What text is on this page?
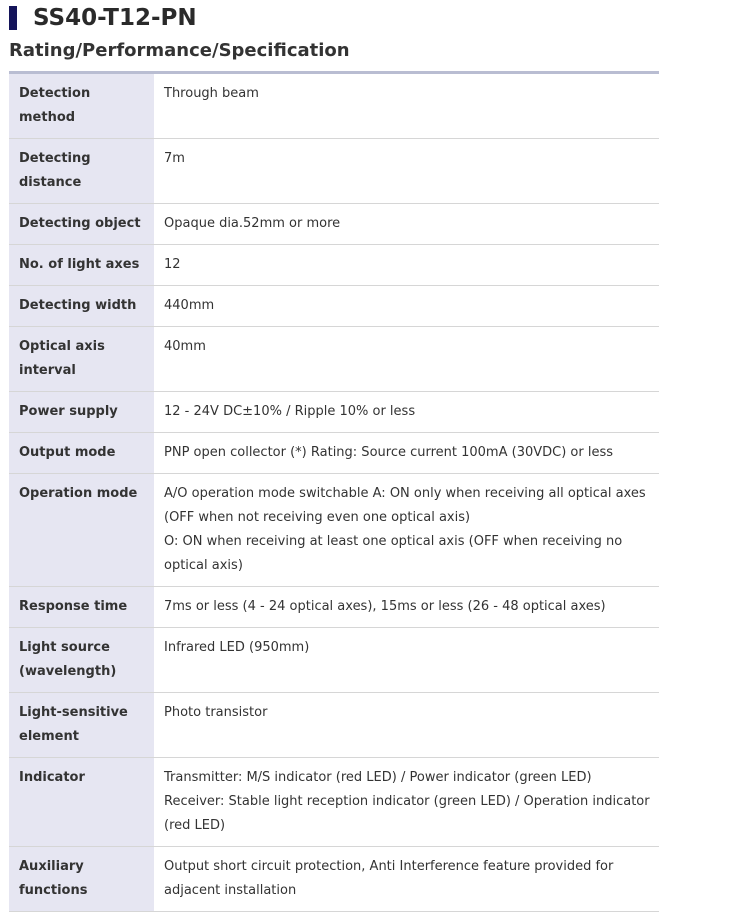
SS40-T12-PN
Rating/Performance/Specification
Detection method	Through beam

Detecting
distance	7m

Detecting object	Opaque dia.52mm or more

No. of light axes	12

Detecting width	440mm

Optical axis
interval	40mm

Power supply	12 - 24V DC±10% / Ripple 10% or less

Output mode	PNP open collector (*) Rating: Source current 100mA (30VDC) or less

Operation mode	A/O operation mode switchable A: ON only when receiving all optical axes
(OFF when not receiving even one optical axis)
O: ON when receiving at least one optical axis (OFF when receiving no
optical axis)

Response time	7ms or less (4 - 24 optical axes), 15ms or less (26 - 48 optical axes)

Light source
(wavelength)	Infrared LED (950mm)

Light-sensitive
element	Photo transistor

Indicator	Transmitter: M/S indicator (red LED) / Power indicator (green LED)
Receiver: Stable light reception indicator (green LED) / Operation indicator
(red LED)

Auxiliary
functions	Output short circuit protection, Anti Interference feature provided for
adjacent installation
